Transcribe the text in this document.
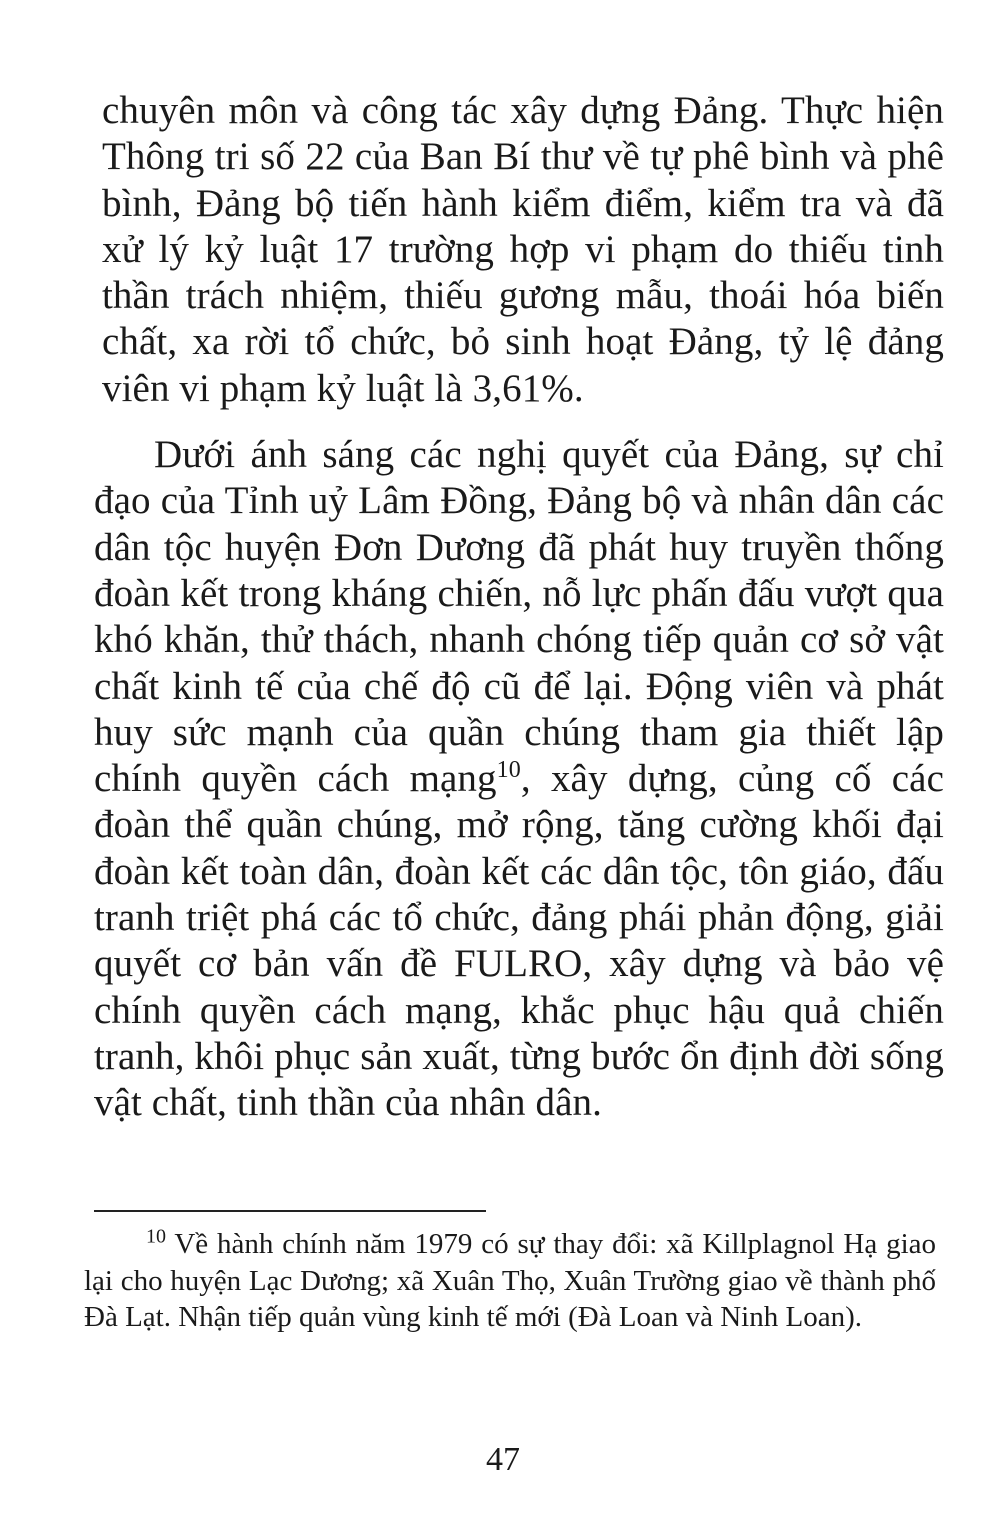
chuyên môn và công tác xây dựng Đảng. Thực hiện Thông tri số 22 của Ban Bí thư về tự phê bình và phê bình, Đảng bộ tiến hành kiểm điểm, kiểm tra và đã xử lý kỷ luật 17 trường hợp vi phạm do thiếu tinh thần trách nhiệm, thiếu gương mẫu, thoái hóa biến chất, xa rời tổ chức, bỏ sinh hoạt Đảng, tỷ lệ đảng viên vi phạm kỷ luật là 3,61%.

Dưới ánh sáng các nghị quyết của Đảng, sự chỉ đạo của Tỉnh uỷ Lâm Đồng, Đảng bộ và nhân dân các dân tộc huyện Đơn Dương đã phát huy truyền thống đoàn kết trong kháng chiến, nỗ lực phấn đấu vượt qua khó khăn, thử thách, nhanh chóng tiếp quản cơ sở vật chất kinh tế của chế độ cũ để lại. Động viên và phát huy sức mạnh của quần chúng tham gia thiết lập chính quyền cách mạng$^{10}$, xây dựng, củng cố các đoàn thể quần chúng, mở rộng, tăng cường khối đại đoàn kết toàn dân, đoàn kết các dân tộc, tôn giáo, đấu tranh triệt phá các tổ chức, đảng phái phản động, giải quyết cơ bản vấn đề FULRO, xây dựng và bảo vệ chính quyền cách mạng, khắc phục hậu quả chiến tranh, khôi phục sản xuất, từng bước ổn định đời sống vật chất, tinh thần của nhân dân.

$^{10}$ Về hành chính năm 1979 có sự thay đổi: xã Killplagnol Hạ giao lại cho huyện Lạc Dương; xã Xuân Thọ, Xuân Trường giao về thành phố Đà Lạt. Nhận tiếp quản vùng kinh tế mới (Đà Loan và Ninh Loan).

47
